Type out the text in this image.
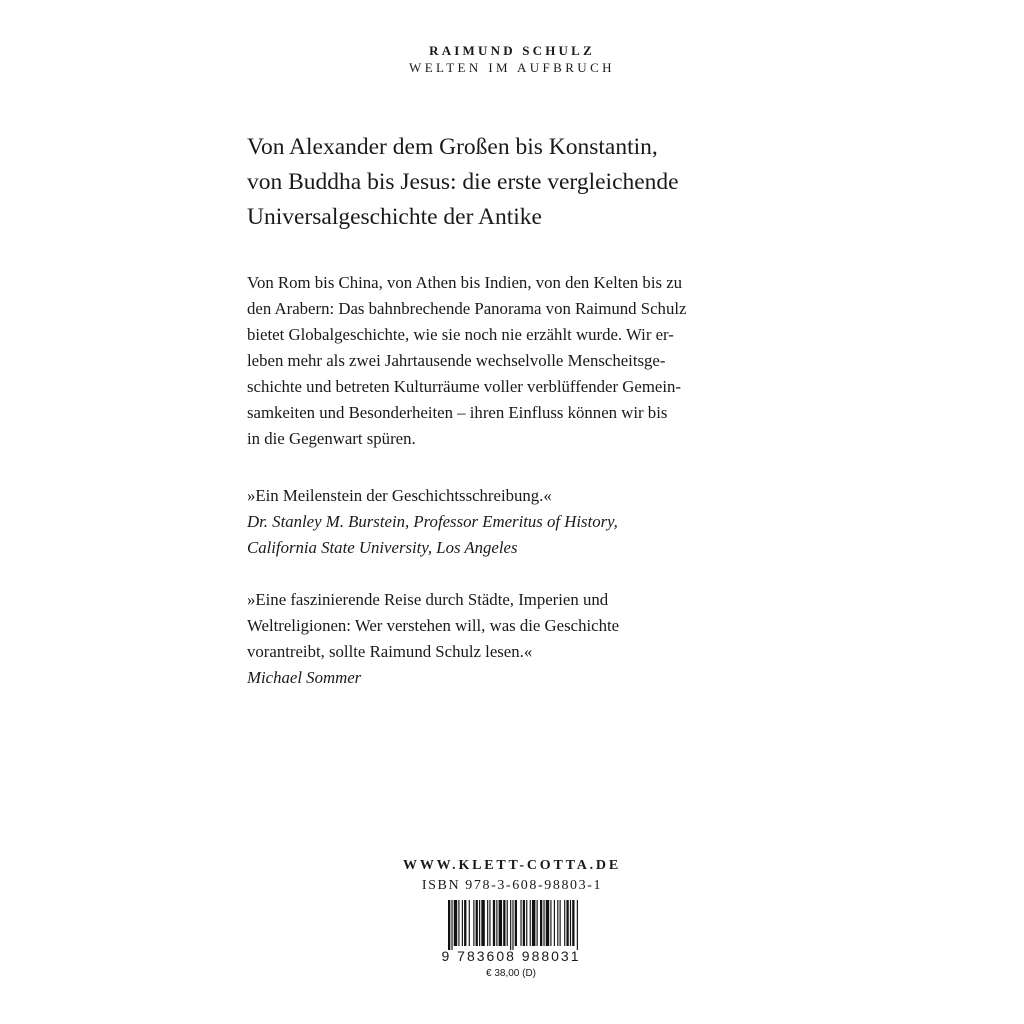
RAIMUND SCHULZ
WELTEN IM AUFBRUCH
Von Alexander dem Großen bis Konstantin,
von Buddha bis Jesus: die erste vergleichende
Universalgeschichte der Antike

Von Rom bis China, von Athen bis Indien, von den Kelten bis zu
den Arabern: Das bahnbrechende Panorama von Raimund Schulz
bietet Globalgeschichte, wie sie noch nie erzählt wurde. Wir er-
leben mehr als zwei Jahrtausende wechselvolle Menscheitsge-
schichte und betreten Kulturräume voller verblüffender Gemein-
samkeiten und Besonderheiten – ihren Einfluss können wir bis
in die Gegenwart spüren.

»Ein Meilenstein der Geschichtsschreibung.«
Dr. Stanley M. Burstein, Professor Emeritus of History,
California State University, Los Angeles

»Eine faszinierende Reise durch Städte, Imperien und
Weltreligionen: Wer verstehen will, was die Geschichte
vorantreibt, sollte Raimund Schulz lesen.«
Michael Sommer

WWW.KLETT-COTTA.DE
ISBN 978-3-608-98803-1
9 783608 988031
€ 38,00 (D)
